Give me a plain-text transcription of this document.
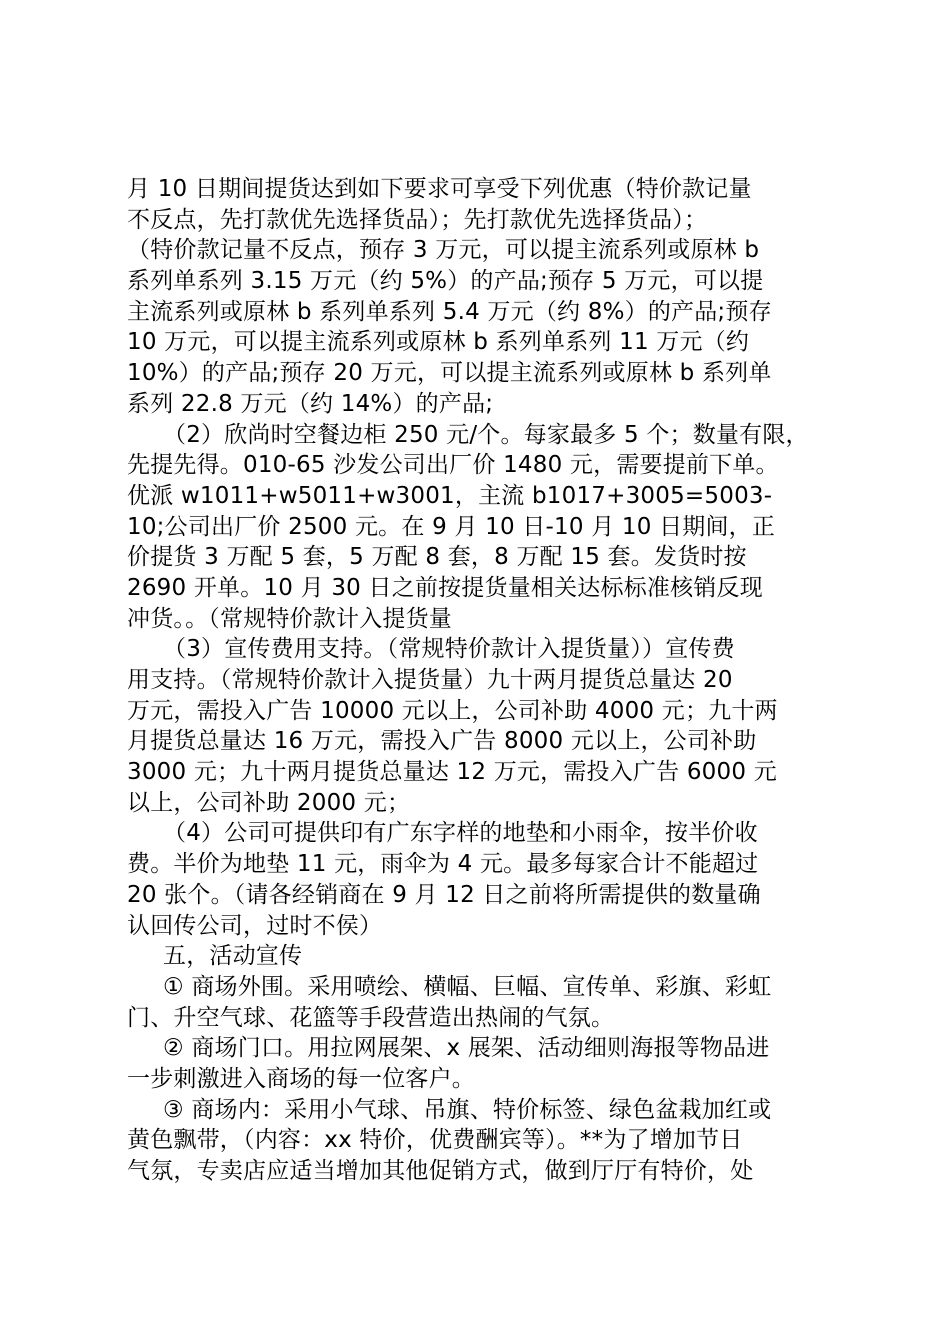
月 10 日期间提货达到如下要求可享受下列优惠（特价款记量
不反点，先打款优先选择货品）；先打款优先选择货品）；
（特价款记量不反点，预存 3 万元，可以提主流系列或原林 b
系列单系列 3.15 万元（约 5%）的产品;预存 5 万元，可以提
主流系列或原林 b 系列单系列 5.4 万元（约 8%）的产品;预存
10 万元，可以提主流系列或原林 b 系列单系列 11 万元（约
10%）的产品;预存 20 万元，可以提主流系列或原林 b 系列单
系列 22.8 万元（约 14%）的产品;
（2）欣尚时空餐边柜 250 元/个。每家最多 5 个；数量有限，
先提先得。010-65 沙发公司出厂价 1480 元，需要提前下单。
优派 w1011+w5011+w3001，主流 b1017+3005=5003-
10;公司出厂价 2500 元。在 9 月 10 日-10 月 10 日期间，正
价提货 3 万配 5 套，5 万配 8 套，8 万配 15 套。发货时按
2690 开单。10 月 30 日之前按提货量相关达标标准核销反现
冲货。。（常规特价款计入提货量
（3）宣传费用支持。（常规特价款计入提货量））宣传费
用支持。（常规特价款计入提货量）九十两月提货总量达 20
万元，需投入广告 10000 元以上，公司补助 4000 元；九十两
月提货总量达 16 万元，需投入广告 8000 元以上，公司补助
3000 元；九十两月提货总量达 12 万元，需投入广告 6000 元
以上，公司补助 2000 元；
（4）公司可提供印有广东字样的地垫和小雨伞，按半价收
费。半价为地垫 11 元，雨伞为 4 元。最多每家合计不能超过
20 张个。（请各经销商在 9 月 12 日之前将所需提供的数量确
认回传公司，过时不侯）
五，活动宣传
① 商场外围。采用喷绘、横幅、巨幅、宣传单、彩旗、彩虹
门、升空气球、花篮等手段营造出热闹的气氛。
② 商场门口。用拉网展架、x 展架、活动细则海报等物品进
一步刺激进入商场的每一位客户。
③ 商场内：采用小气球、吊旗、特价标签、绿色盆栽加红或
黄色飘带，（内容：xx 特价，优费酬宾等）。**为了增加节日
气氛，专卖店应适当增加其他促销方式，做到厅厅有特价，处
